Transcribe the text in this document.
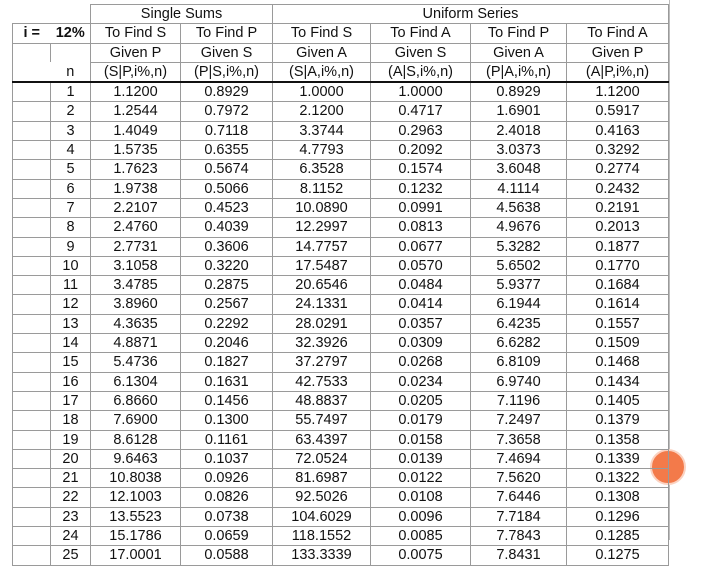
		Single Sums		Uniform Series			
i =	12%	To Find S	To Find P	To Find S	To Find A	To Find P	To Find A
		Given P	Given S	Given A	Given S	Given A	Given P
	n	(S|P,i%,n)	(P|S,i%,n)	(S|A,i%,n)	(A|S,i%,n)	(P|A,i%,n)	(A|P,i%,n)
	1	1.1200	0.8929	1.0000	1.0000	0.8929	1.1200
	2	1.2544	0.7972	2.1200	0.4717	1.6901	0.5917
	3	1.4049	0.7118	3.3744	0.2963	2.4018	0.4163
	4	1.5735	0.6355	4.7793	0.2092	3.0373	0.3292
	5	1.7623	0.5674	6.3528	0.1574	3.6048	0.2774
	6	1.9738	0.5066	8.1152	0.1232	4.1114	0.2432
	7	2.2107	0.4523	10.0890	0.0991	4.5638	0.2191
	8	2.4760	0.4039	12.2997	0.0813	4.9676	0.2013
	9	2.7731	0.3606	14.7757	0.0677	5.3282	0.1877
	10	3.1058	0.3220	17.5487	0.0570	5.6502	0.1770
	11	3.4785	0.2875	20.6546	0.0484	5.9377	0.1684
	12	3.8960	0.2567	24.1331	0.0414	6.1944	0.1614
	13	4.3635	0.2292	28.0291	0.0357	6.4235	0.1557
	14	4.8871	0.2046	32.3926	0.0309	6.6282	0.1509
	15	5.4736	0.1827	37.2797	0.0268	6.8109	0.1468
	16	6.1304	0.1631	42.7533	0.0234	6.9740	0.1434
	17	6.8660	0.1456	48.8837	0.0205	7.1196	0.1405
	18	7.6900	0.1300	55.7497	0.0179	7.2497	0.1379
	19	8.6128	0.1161	63.4397	0.0158	7.3658	0.1358
	20	9.6463	0.1037	72.0524	0.0139	7.4694	0.1339
	21	10.8038	0.0926	81.6987	0.0122	7.5620	0.1322
	22	12.1003	0.0826	92.5026	0.0108	7.6446	0.1308
	23	13.5523	0.0738	104.6029	0.0096	7.7184	0.1296
	24	15.1786	0.0659	118.1552	0.0085	7.7843	0.1285
	25	17.0001	0.0588	133.3339	0.0075	7.8431	0.1275
